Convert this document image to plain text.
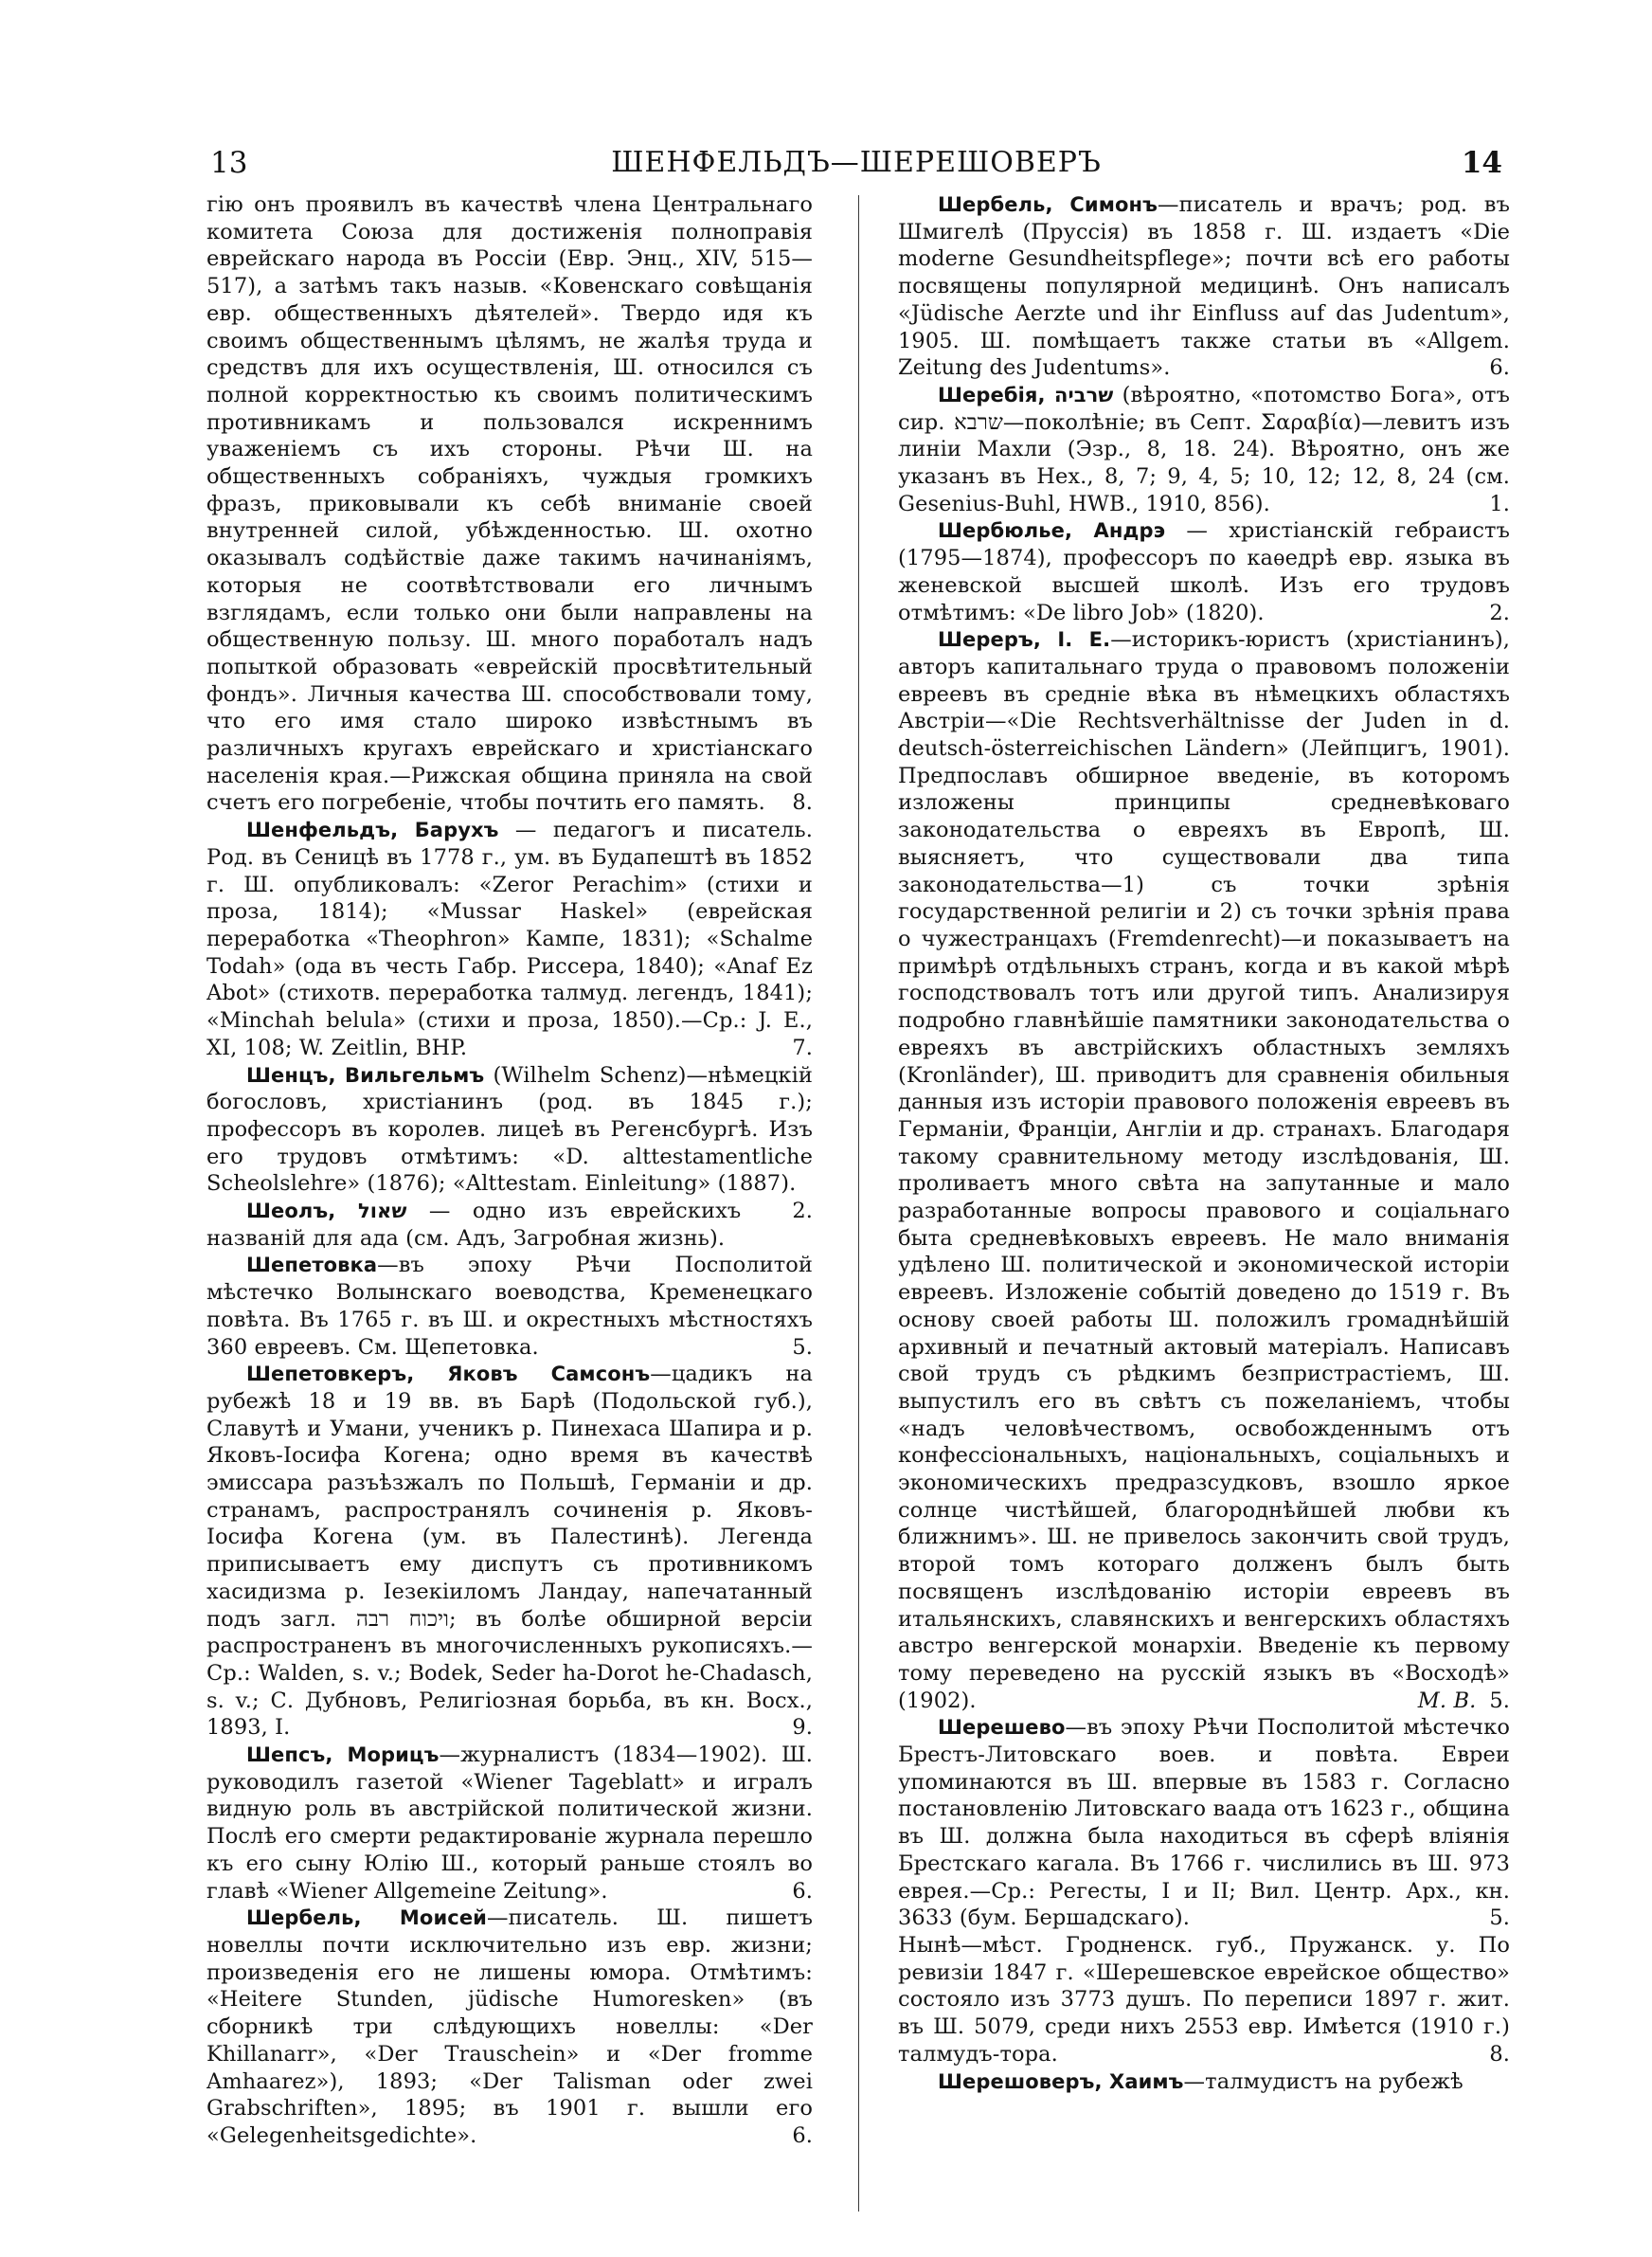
13	ШЕНФЕЛЬДЪ—ШЕРЕШОВЕРЪ	14

гію онъ проявилъ въ качествѣ члена Центральнаго комитета Союза для достиженія полноправія еврейскаго народа въ Россіи (Евр. Энц., XIV, 515—517), а затѣмъ такъ назыв. «Ковенскаго совѣщанія евр. общественныхъ дѣятелей». Твердо идя къ своимъ общественнымъ цѣлямъ, не жалѣя труда и средствъ для ихъ осуществленія, Ш. относился съ полной корректностью къ своимъ политическимъ противникамъ и пользовался искреннимъ уваженіемъ съ ихъ стороны. Рѣчи Ш. на общественныхъ собраніяхъ, чуждыя громкихъ фразъ, приковывали къ себѣ вниманіе своей внутренней силой, убѣжденностью. Ш. охотно оказывалъ содѣйствіе даже такимъ начинаніямъ, которыя не соотвѣтствовали его личнымъ взглядамъ, если только они были направлены на общественную пользу. Ш. много поработалъ надъ попыткой образовать «еврейскій просвѣтительный фондъ». Личныя качества Ш. способствовали тому, что его имя стало широко извѣстнымъ въ различныхъ кругахъ еврейскаго и христіанскаго населенія края.—Рижская община приняла на свой счетъ его погребеніе, чтобы почтить его память. 8.

Шенфельдъ, Барухъ — педагогъ и писатель. Род. въ Сеницѣ въ 1778 г., ум. въ Будапештѣ въ 1852 г. Ш. опубликовалъ: «Zeror Peraсhim» (стихи и проза, 1814); «Mussar Haskel» (еврейская переработка «Theophron» Кампе, 1831); «Schalme Todah» (ода въ честь Габр. Риссера, 1840); «Anaf Ez Abot» (стихотв. переработка талмуд. легендъ, 1841); «Minchah belula» (стихи и проза, 1850).—Ср.: J. E., XI, 108; W. Zeitlin, BHP.	7.

Шенцъ, Вильгельмъ (Wilhelm Schenz)—нѣмецкій богословъ, христіанинъ (род. въ 1845 г.); профессоръ въ королев. лицеѣ въ Регенсбургѣ. Изъ его трудовъ отмѣтимъ: «D. alttestamentliche Scheolslehre» (1876); «Alttestam. Einleitung» (1887).
2.

Шеолъ, שאול — одно изъ еврейскихъ названій для ада (см. Адъ, Загробная жизнь).

Шепетовка—въ эпоху Рѣчи Посполитой мѣстечко Волынскаго воеводства, Кременецкаго повѣта. Въ 1765 г. въ Ш. и окрестныхъ мѣстностяхъ 360 евреевъ. См. Щепетовка.	5.

Шепетовкеръ, Яковъ Самсонъ—цадикъ на рубежѣ 18 и 19 вв. въ Барѣ (Подольской губ.), Славутѣ и Умани, ученикъ р. Пинехаса Шапира и р. Яковъ-Іосифа Когена; одно время въ качествѣ эмиссара разъѣзжалъ по Польшѣ, Германіи и др. странамъ, распространялъ сочиненія р. Яковъ-Іосифа Когена (ум. въ Палестинѣ). Легенда приписываетъ ему диспутъ съ противникомъ хасидизма р. Іезекіиломъ Ландау, напечатанный подъ загл. ויכוח רבה; въ болѣе обширной версіи распространенъ въ многочисленныхъ рукописяхъ.—Ср.: Walden, s. v.; Bodek, Seder ha-Dorot he-Chadasch, s. v.; С. Дубновъ, Религіозная борьба, въ кн. Восх., 1893, I.	9.

Шепсъ, Морицъ—журналистъ (1834—1902). Ш. руководилъ газетой «Wiener Tageblatt» и игралъ видную роль въ австрійской политической жизни. Послѣ его смерти редактированіе журнала перешло къ его сыну Юлію Ш., который раньше стоялъ во главѣ «Wiener Allgemeine Zeitung».	6.

Шербель, Моисей—писатель. Ш. пишетъ новеллы почти исключительно изъ евр. жизни; произведенія его не лишены юмора. Отмѣтимъ: «Heitere Stunden, jüdische Humoresken» (въ сборникѣ три слѣдующихъ новеллы: «Der Khillanarr», «Der Trauschein» и «Der fromme Amhaarez»), 1893; «Der Talisman oder zwei Grabschriften», 1895; въ 1901 г. вышли его «Gelegenheitsgedichte».	6.

Шербель, Симонъ—писатель и врачъ; род. въ Шмигелѣ (Пруссія) въ 1858 г. Ш. издаетъ «Die moderne Gesundheitspflege»; почти всѣ его работы посвящены популярной медицинѣ. Онъ написалъ «Jüdische Aerzte und ihr Einfluss auf das Judentum», 1905. Ш. помѣщаетъ также статьи въ «Allgem. Zeitung des Judentums».	6.

Шеребія, שרביה (вѣроятно, «потомство Бога», отъ сир. שרבא—поколѣніе; въ Септ. Σαραβία)—левитъ изъ линіи Махли (Эзр., 8, 18. 24). Вѣроятно, онъ же указанъ въ Нех., 8, 7; 9, 4, 5; 10, 12; 12, 8, 24 (см. Gesenius-Buhl, HWB., 1910, 856).	1.

Шербюлье, Андрэ — христіанскій гебраистъ (1795—1874), профессоръ по каѳедрѣ евр. языка въ женевской высшей школѣ. Изъ его трудовъ отмѣтимъ: «De libro Job» (1820).	2.

Шереръ, І. Е.—историкъ-юристъ (христіанинъ), авторъ капитальнаго труда о правовомъ положеніи евреевъ въ средніе вѣка въ нѣмецкихъ областяхъ Австріи—«Die Rechtsverhältnisse der Juden in d. deutsch-österreichischen Ländern» (Лейпцигъ, 1901). Предпославъ обширное введеніе, въ которомъ изложены принципы средневѣковаго законодательства о евреяхъ въ Европѣ, Ш. выясняетъ, что существовали два типа законодательства—1) съ точки зрѣнія государственной религіи и 2) съ точки зрѣнія права о чужестранцахъ (Fremdenrecht)—и показываетъ на примѣрѣ отдѣльныхъ странъ, когда и въ какой мѣрѣ господствовалъ тотъ или другой типъ. Анализируя подробно главнѣйшіе памятники законодательства о евреяхъ въ австрійскихъ областныхъ земляхъ (Kronländer), Ш. приводитъ для сравненія обильныя данныя изъ исторіи правового положенія евреевъ въ Германіи, Франціи, Англіи и др. странахъ. Благодаря такому сравнительному методу изслѣдованія, Ш. проливаетъ много свѣта на запутанные и мало разработанные вопросы правового и соціальнаго быта средневѣковыхъ евреевъ. Не мало вниманія удѣлено Ш. политической и экономической исторіи евреевъ. Изложеніе событій доведено до 1519 г. Въ основу своей работы Ш. положилъ громаднѣйшій архивный и печатный актовый матеріалъ. Написавъ свой трудъ съ рѣдкимъ безпристрастіемъ, Ш. выпустилъ его въ свѣтъ съ пожеланіемъ, чтобы «надъ человѣчествомъ, освобожденнымъ отъ конфессіональныхъ, національныхъ, соціальныхъ и экономическихъ предразсудковъ, взошло яркое солнце чистѣйшей, благороднѣйшей любви къ ближнимъ». Ш. не привелось закончить свой трудъ, второй томъ котораго долженъ былъ быть посвященъ изслѣдованію исторіи евреевъ въ итальянскихъ, славянскихъ и венгерскихъ областяхъ австро венгерской монархіи. Введеніе къ первому тому переведено на русскій языкъ въ «Восходѣ» (1902).	М. В. 5.

Шерешево—въ эпоху Рѣчи Посполитой мѣстечко Брестъ-Литовскаго воев. и повѣта. Евреи упоминаются въ Ш. впервые въ 1583 г. Согласно постановленію Литовскаго ваада отъ 1623 г., община въ Ш. должна была находиться въ сферѣ вліянія Брестскаго кагала. Въ 1766 г. числились въ Ш. 973 еврея.—Ср.: Регесты, I и II; Вил. Центр. Арх., кн. 3633 (бум. Бершадскаго).	5.

Нынѣ—мѣст. Гродненск. губ., Пружанск. у. По ревизіи 1847 г. «Шерешевское еврейское общество» состояло изъ 3773 душъ. По переписи 1897 г. жит. въ Ш. 5079, среди нихъ 2553 евр. Имѣется (1910 г.) талмудъ-тора.	8.

Шерешоверъ, Хаимъ—талмудистъ на рубежѣ
